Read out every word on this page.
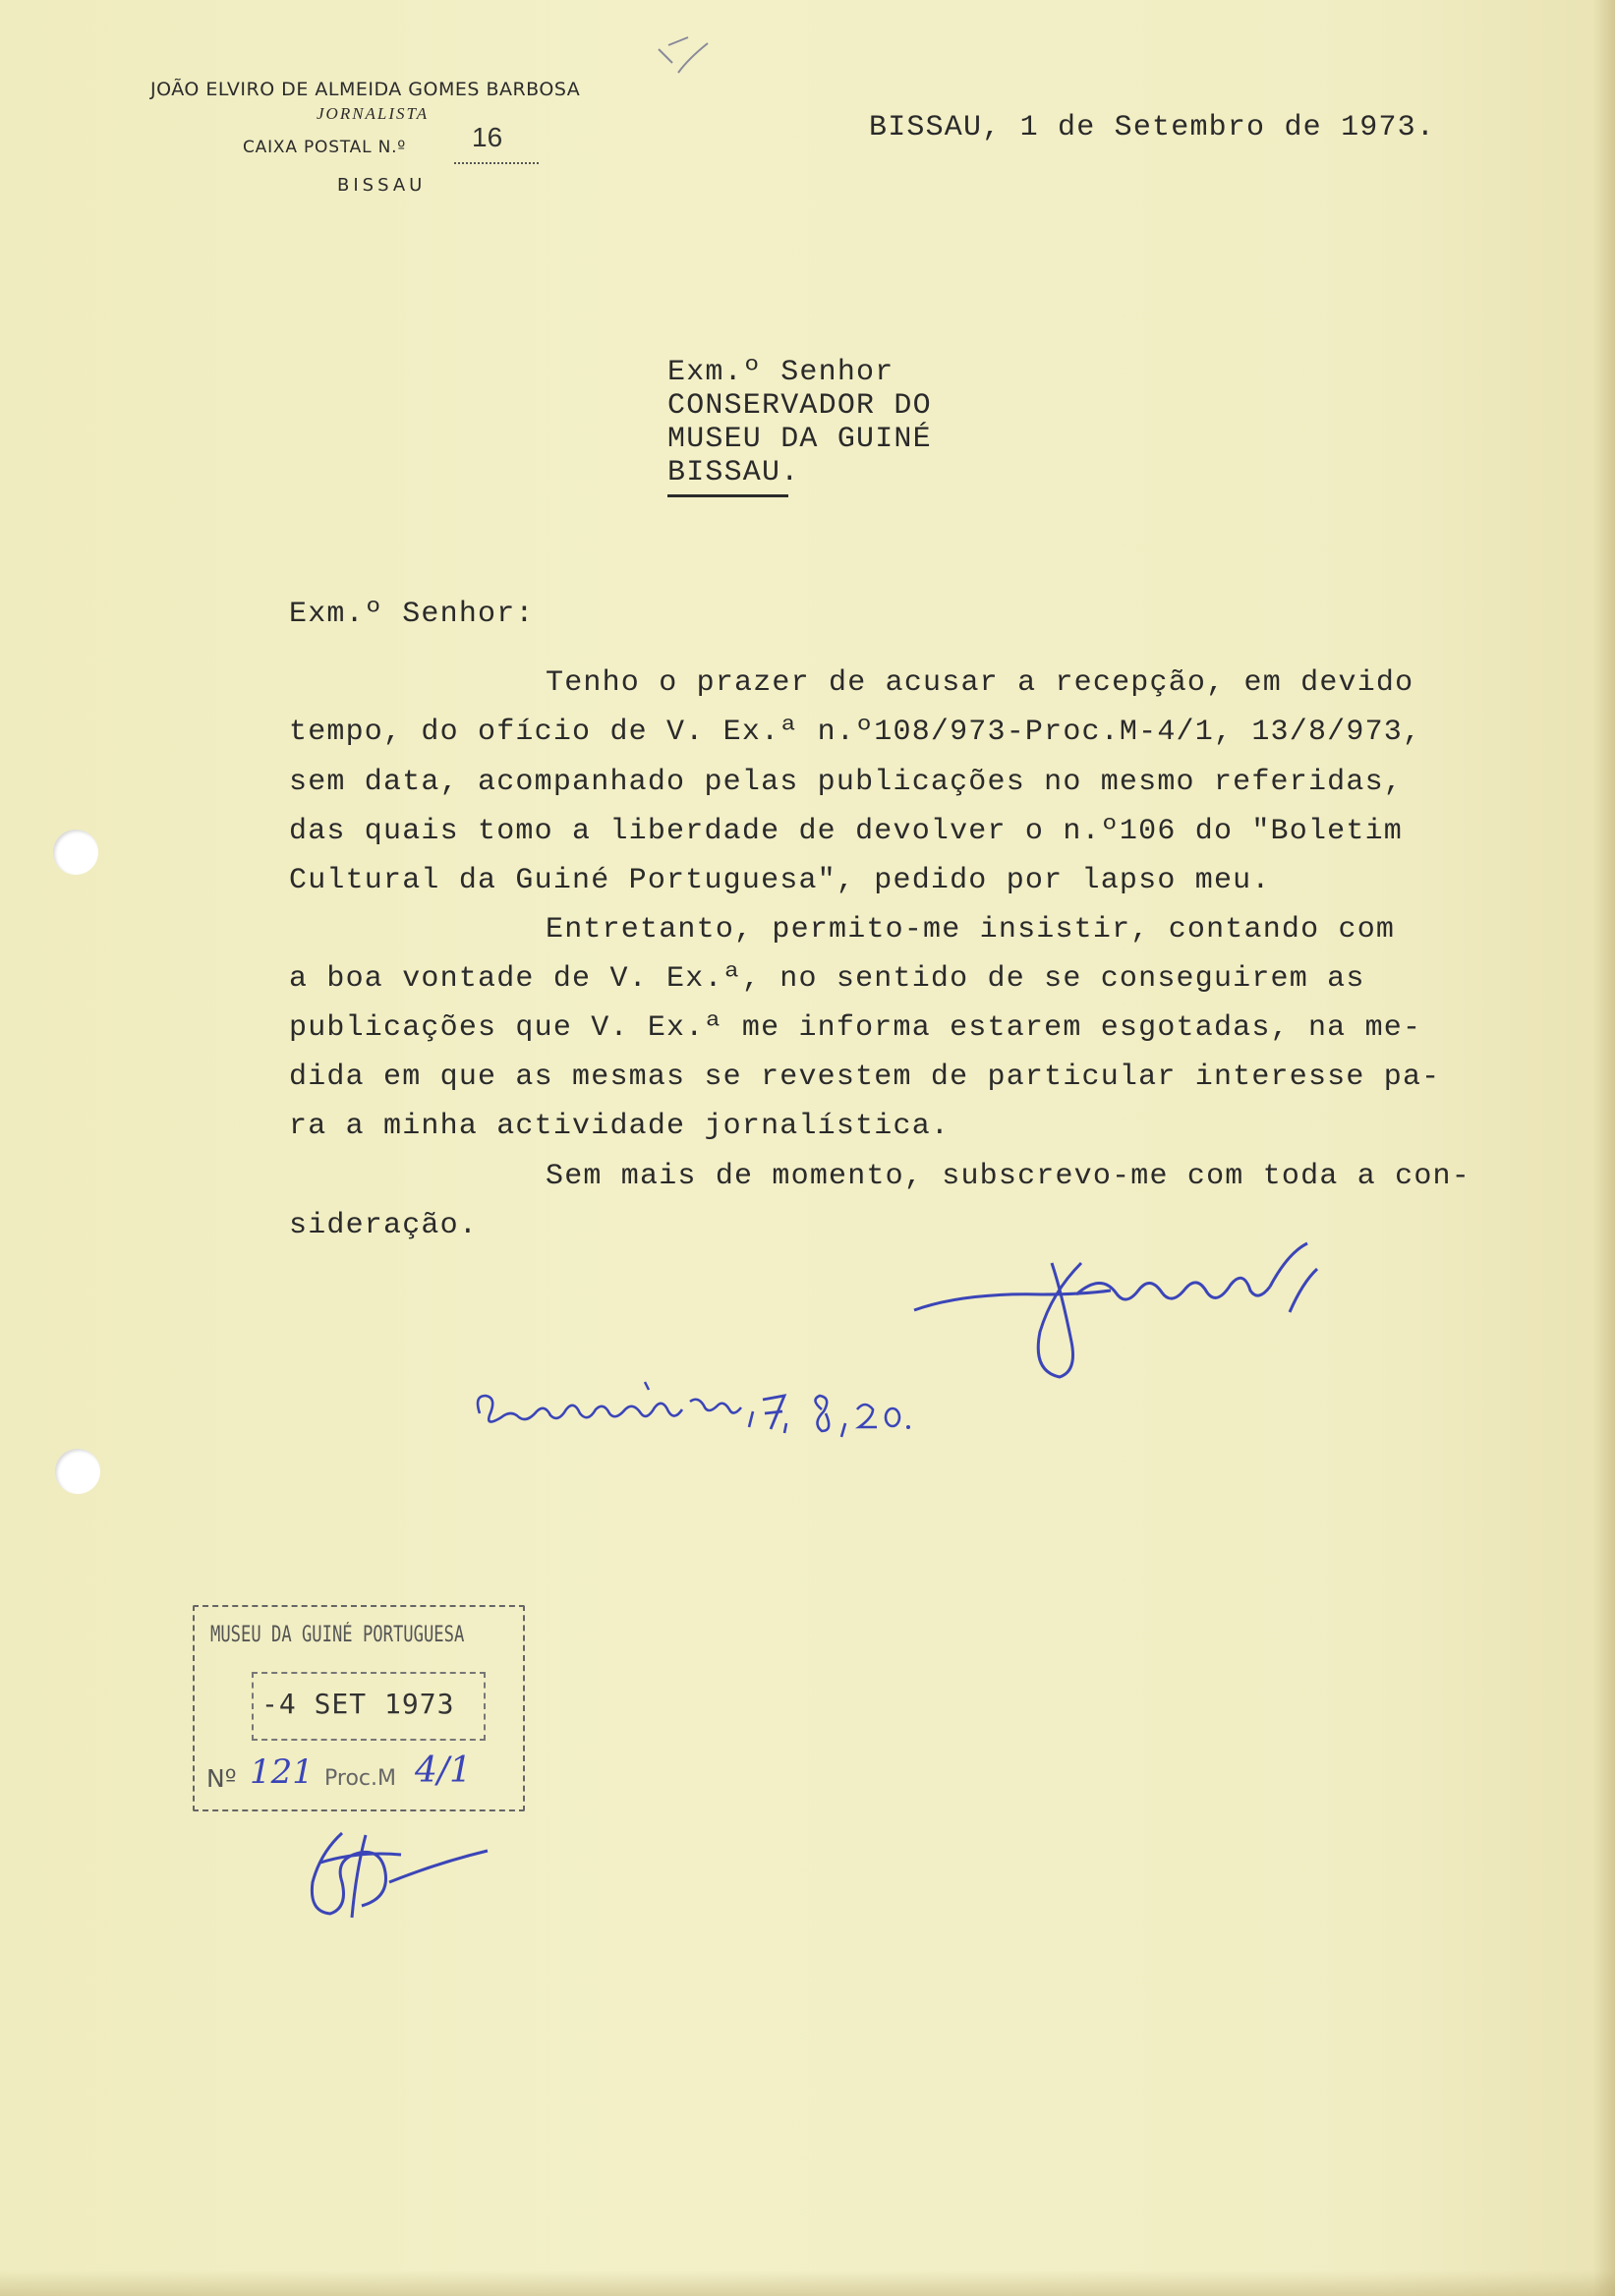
JOÃO ELVIRO DE ALMEIDA GOMES BARBOSA
JORNALISTA
CAIXA POSTAL N.º 16
BISSAU
BISSAU, 1 de Setembro de 1973.
Exm.º Senhor
CONSERVADOR DO
MUSEU DA GUINÉ
BISSAU.
Exm.º Senhor:
Tenho o prazer de acusar a recepção, em devido
tempo, do ofício de V. Ex.ª n.º108/973-Proc.M-4/1, 13/8/973,
sem data, acompanhado pelas publicações no mesmo referidas,
das quais tomo a liberdade de devolver o n.º106 do "Boletim
Cultural da Guiné Portuguesa", pedido por lapso meu.
Entretanto, permito-me insistir, contando com
a boa vontade de V. Ex.ª, no sentido de se conseguirem as
publicações que V. Ex.ª me informa estarem esgotadas, na me-
dida em que as mesmas se revestem de particular interesse pa-
ra a minha actividade jornalística.
Sem mais de momento, subscrevo-me com toda a con-
sideração.
MUSEU DA GUINÉ PORTUGUESA
-4 SET 1973
Nº 121 Proc.M 4/1
